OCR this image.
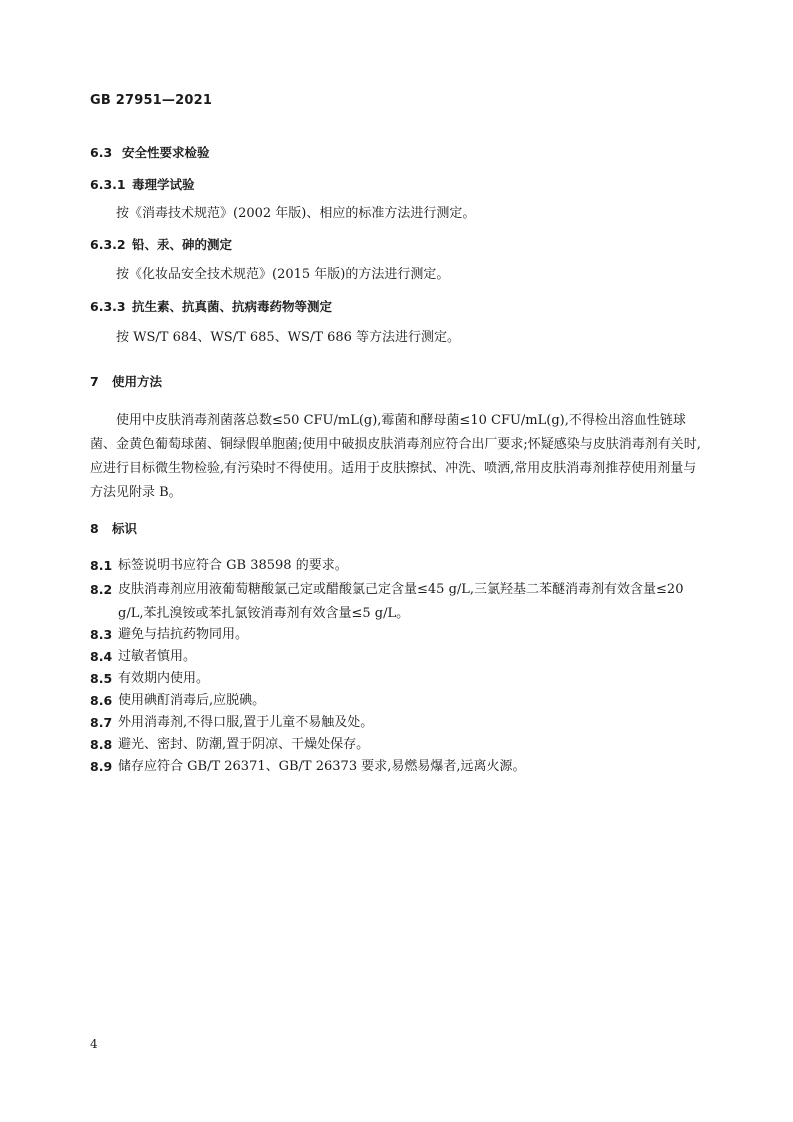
GB 27951—2021
6.3 安全性要求检验
6.3.1 毒理学试验
按《消毒技术规范》(2002 年版)、相应的标准方法进行测定。
6.3.2 铅、汞、砷的测定
按《化妆品安全技术规范》(2015 年版)的方法进行测定。
6.3.3 抗生素、抗真菌、抗病毒药物等测定
按 WS/T 684、WS/T 685、WS/T 686 等方法进行测定。
7 使用方法
使用中皮肤消毒剂菌落总数≤50 CFU/mL(g),霉菌和酵母菌≤10 CFU/mL(g),不得检出溶血性链球菌、金黄色葡萄球菌、铜绿假单胞菌;使用中破损皮肤消毒剂应符合出厂要求;怀疑感染与皮肤消毒剂有关时,应进行目标微生物检验,有污染时不得使用。适用于皮肤擦拭、冲洗、喷洒,常用皮肤消毒剂推荐使用剂量与方法见附录 B。
8 标识
8.1 标签说明书应符合 GB 38598 的要求。
8.2 皮肤消毒剂应用液葡萄糖酸氯己定或醋酸氯己定含量≤45 g/L,三氯羟基二苯醚消毒剂有效含量≤20 g/L,苯扎溴铵或苯扎氯铵消毒剂有效含量≤5 g/L。
8.3 避免与拮抗药物同用。
8.4 过敏者慎用。
8.5 有效期内使用。
8.6 使用碘酊消毒后,应脱碘。
8.7 外用消毒剂,不得口服,置于儿童不易触及处。
8.8 避光、密封、防潮,置于阴凉、干燥处保存。
8.9 储存应符合 GB/T 26371、GB/T 26373 要求,易燃易爆者,远离火源。
4
